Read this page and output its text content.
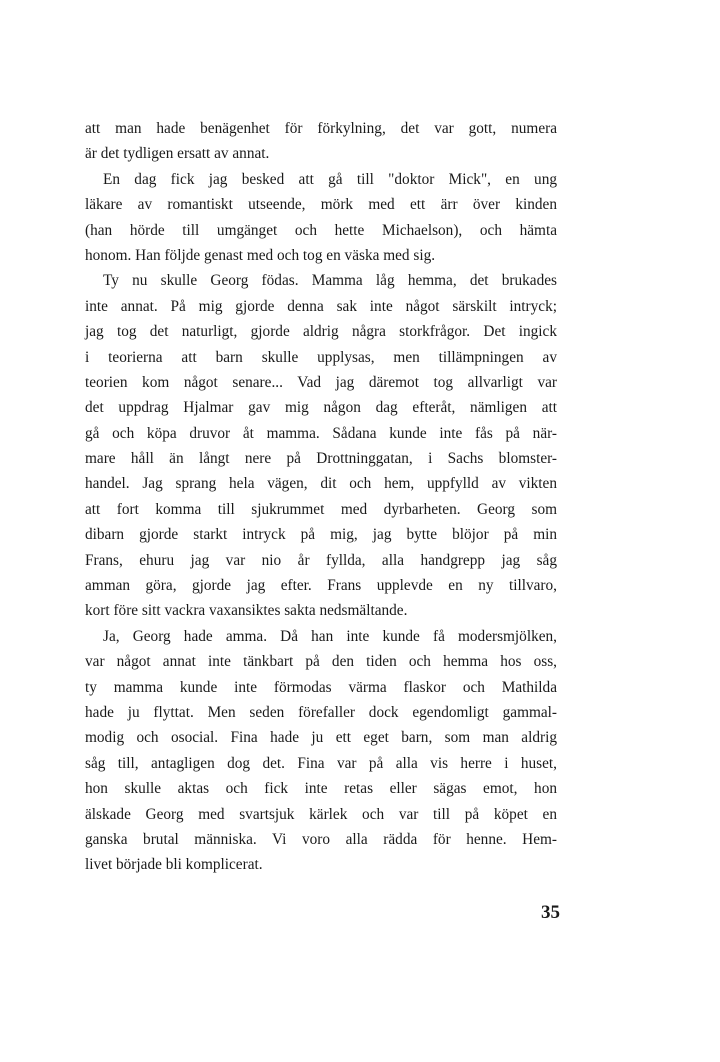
att man hade benägenhet för förkylning, det var gott, numera
är det tydligen ersatt av annat.
En dag fick jag besked att gå till "doktor Mick", en ung
läkare av romantiskt utseende, mörk med ett ärr över kinden
(han hörde till umgänget och hette Michaelson), och hämta
honom. Han följde genast med och tog en väska med sig.
Ty nu skulle Georg födas. Mamma låg hemma, det brukades
inte annat. På mig gjorde denna sak inte något särskilt intryck;
jag tog det naturligt, gjorde aldrig några storkfrågor. Det ingick
i teorierna att barn skulle upplysas, men tillämpningen av
teorien kom något senare... Vad jag däremot tog allvarligt var
det uppdrag Hjalmar gav mig någon dag efteråt, nämligen att
gå och köpa druvor åt mamma. Sådana kunde inte fås på när-
mare håll än långt nere på Drottninggatan, i Sachs blomster-
handel. Jag sprang hela vägen, dit och hem, uppfylld av vikten
att fort komma till sjukrummet med dyrbarheten. Georg som
dibarn gjorde starkt intryck på mig, jag bytte blöjor på min
Frans, ehuru jag var nio år fyllda, alla handgrepp jag såg
amman göra, gjorde jag efter. Frans upplevde en ny tillvaro,
kort före sitt vackra vaxansiktes sakta nedsmältande.
Ja, Georg hade amma. Då han inte kunde få modersmjölken,
var något annat inte tänkbart på den tiden och hemma hos oss,
ty mamma kunde inte förmodas värma flaskor och Mathilda
hade ju flyttat. Men seden förefaller dock egendomligt gammal-
modig och osocial. Fina hade ju ett eget barn, som man aldrig
såg till, antagligen dog det. Fina var på alla vis herre i huset,
hon skulle aktas och fick inte retas eller sägas emot, hon
älskade Georg med svartsjuk kärlek och var till på köpet en
ganska brutal människa. Vi voro alla rädda för henne. Hem-
livet började bli komplicerat.
35
